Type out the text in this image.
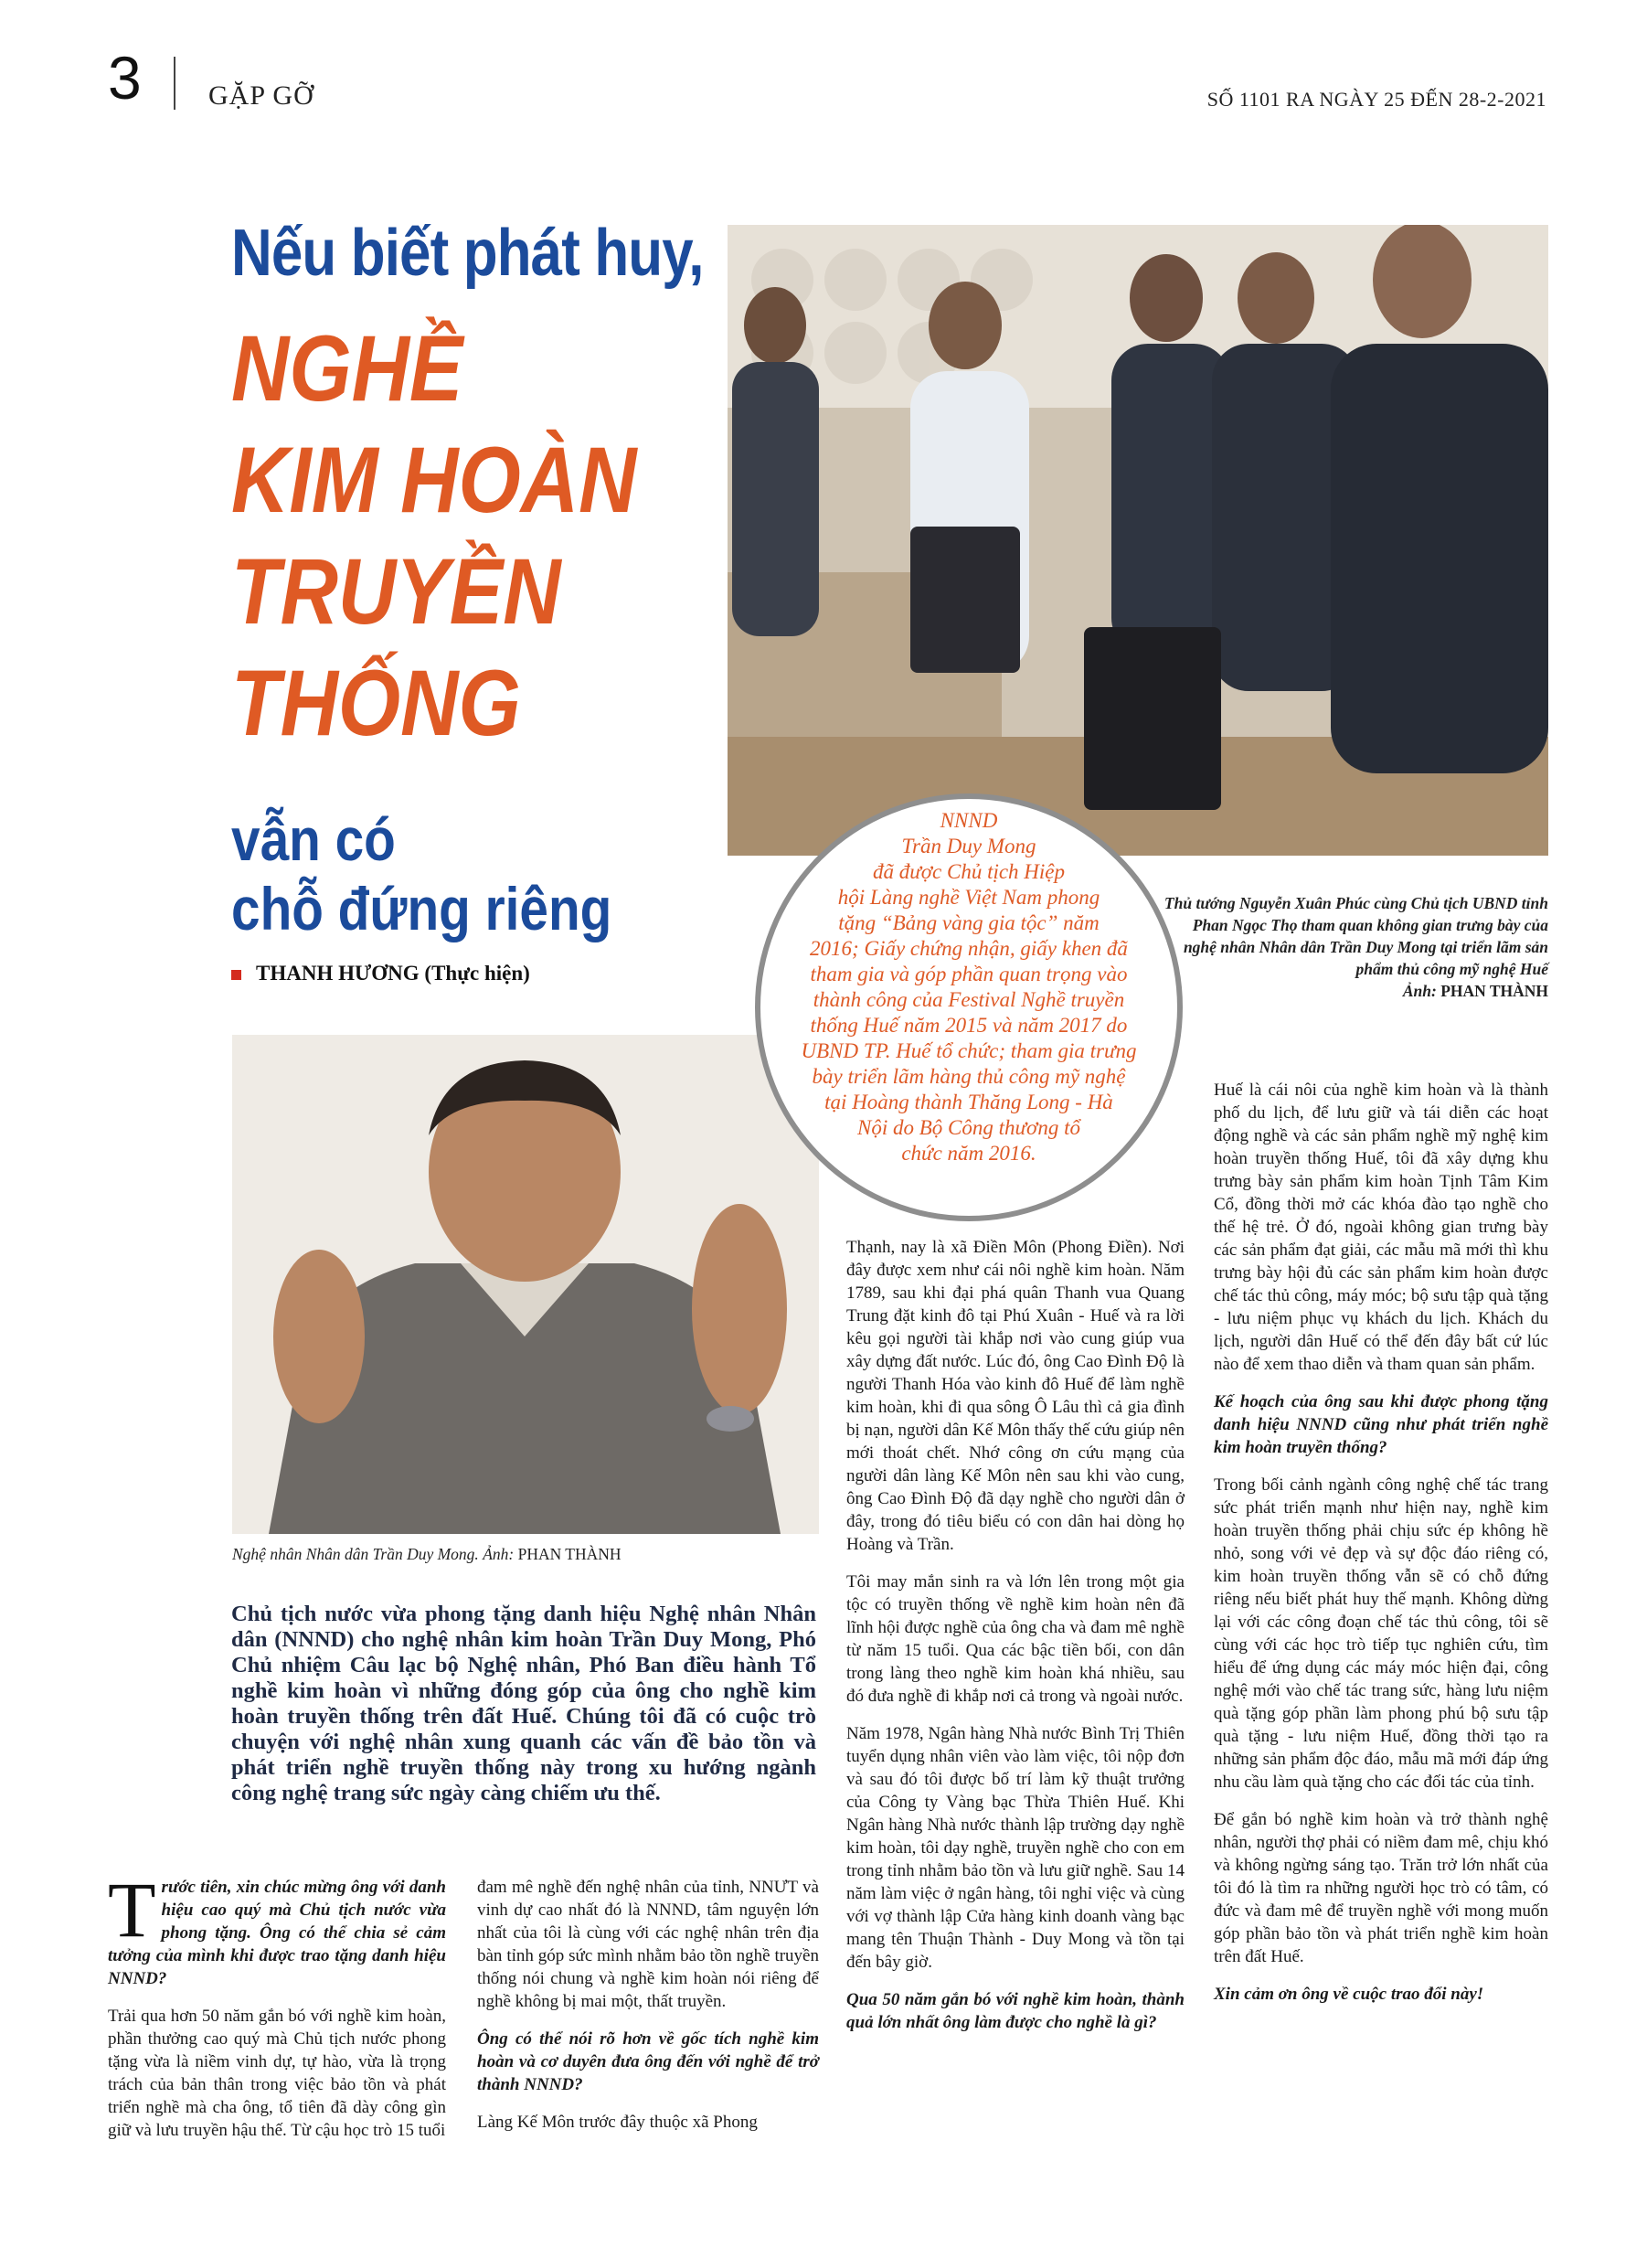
3 GẶP GỠ	SỐ 1101 RA NGÀY 25 ĐẾN 28-2-2021
Nếu biết phát huy,
NGHỀ
KIM HOÀN
TRUYỀN
THỐNG
vẫn có
chỗ đứng riêng
THANH HƯƠNG (Thực hiện)
Thủ tướng Nguyễn Xuân Phúc cùng Chủ tịch UBND tỉnh Phan Ngọc Thọ tham quan không gian trưng bày của nghệ nhân Nhân dân Trần Duy Mong tại triển lãm sản phẩm thủ công mỹ nghệ Huế
Ảnh: PHAN THÀNH
Nghệ nhân Nhân dân Trần Duy Mong. Ảnh: PHAN THÀNH
NNND
Trần Duy Mong
đã được Chủ tịch Hiệp
hội Làng nghề Việt Nam phong
tặng “Bảng vàng gia tộc” năm
2016; Giấy chứng nhận, giấy khen đã
tham gia và góp phần quan trọng vào
thành công của Festival Nghề truyền
thống Huế năm 2015 và năm 2017 do
UBND TP. Huế tổ chức; tham gia trưng
bày triển lãm hàng thủ công mỹ nghệ
tại Hoàng thành Thăng Long - Hà
Nội do Bộ Công thương tổ
chức năm 2016.
Chủ tịch nước vừa phong tặng danh hiệu Nghệ nhân Nhân dân (NNND) cho nghệ nhân kim hoàn Trần Duy Mong, Phó Chủ nhiệm Câu lạc bộ Nghệ nhân, Phó Ban điều hành Tổ nghề kim hoàn vì những đóng góp của ông cho nghề kim hoàn truyền thống trên đất Huế. Chúng tôi đã có cuộc trò chuyện với nghệ nhân xung quanh các vấn đề bảo tồn và phát triển nghề truyền thống này trong xu hướng ngành công nghệ trang sức ngày càng chiếm ưu thế.

Trước tiên, xin chúc mừng ông với danh hiệu cao quý mà Chủ tịch nước vừa phong tặng. Ông có thể chia sẻ cảm tưởng của mình khi được trao tặng danh hiệu NNND?

Trải qua hơn 50 năm gắn bó với nghề kim hoàn, phần thưởng cao quý mà Chủ tịch nước phong tặng vừa là niềm vinh dự, tự hào, vừa là trọng trách của bản thân trong việc bảo tồn và phát triển nghề mà cha ông, tổ tiên đã dày công gìn giữ và lưu truyền hậu thế. Từ cậu học trò 15 tuổi

đam mê nghề đến nghệ nhân của tỉnh, NNƯT và vinh dự cao nhất đó là NNND, tâm nguyện lớn nhất của tôi là cùng với các nghệ nhân trên địa bàn tỉnh góp sức mình nhằm bảo tồn nghề truyền thống nói chung và nghề kim hoàn nói riêng để nghề không bị mai một, thất truyền.

Ông có thể nói rõ hơn về gốc tích nghề kim hoàn và cơ duyên đưa ông đến với nghề để trở thành NNND?

Làng Kế Môn trước đây thuộc xã Phong

Thạnh, nay là xã Điền Môn (Phong Điền). Nơi đây được xem như cái nôi nghề kim hoàn. Năm 1789, sau khi đại phá quân Thanh vua Quang Trung đặt kinh đô tại Phú Xuân - Huế và ra lời kêu gọi người tài khắp nơi vào cung giúp vua xây dựng đất nước. Lúc đó, ông Cao Đình Độ là người Thanh Hóa vào kinh đô Huế để làm nghề kim hoàn, khi đi qua sông Ô Lâu thì cả gia đình bị nạn, người dân Kế Môn thấy thế cứu giúp nên mới thoát chết. Nhớ công ơn cứu mạng của người dân làng Kế Môn nên sau khi vào cung, ông Cao Đình Độ đã dạy nghề cho người dân ở đây, trong đó tiêu biểu có con dân hai dòng họ Hoàng và Trần.

Tôi may mắn sinh ra và lớn lên trong một gia tộc có truyền thống về nghề kim hoàn nên đã lĩnh hội được nghề của ông cha và đam mê nghề từ năm 15 tuổi. Qua các bậc tiền bối, con dân trong làng theo nghề kim hoàn khá nhiều, sau đó đưa nghề đi khắp nơi cả trong và ngoài nước.

Năm 1978, Ngân hàng Nhà nước Bình Trị Thiên tuyển dụng nhân viên vào làm việc, tôi nộp đơn và sau đó tôi được bố trí làm kỹ thuật trưởng của Công ty Vàng bạc Thừa Thiên Huế. Khi Ngân hàng Nhà nước thành lập trường dạy nghề kim hoàn, tôi dạy nghề, truyền nghề cho con em trong tỉnh nhằm bảo tồn và lưu giữ nghề. Sau 14 năm làm việc ở ngân hàng, tôi nghỉ việc và cùng với vợ thành lập Cửa hàng kinh doanh vàng bạc mang tên Thuận Thành - Duy Mong và tồn tại đến bây giờ.

Qua 50 năm gắn bó với nghề kim hoàn, thành quả lớn nhất ông làm được cho nghề là gì?

Huế là cái nôi của nghề kim hoàn và là thành phố du lịch, để lưu giữ và tái diễn các hoạt động nghề và các sản phẩm nghề mỹ nghệ kim hoàn truyền thống Huế, tôi đã xây dựng khu trưng bày sản phẩm kim hoàn Tịnh Tâm Kim Cổ, đồng thời mở các khóa đào tạo nghề cho thế hệ trẻ. Ở đó, ngoài không gian trưng bày các sản phẩm đạt giải, các mẫu mã mới thì khu trưng bày hội đủ các sản phẩm kim hoàn được chế tác thủ công, máy móc; bộ sưu tập quà tặng - lưu niệm phục vụ khách du lịch. Khách du lịch, người dân Huế có thể đến đây bất cứ lúc nào để xem thao diễn và tham quan sản phẩm.

Kế hoạch của ông sau khi được phong tặng danh hiệu NNND cũng như phát triển nghề kim hoàn truyền thống?

Trong bối cảnh ngành công nghệ chế tác trang sức phát triển mạnh như hiện nay, nghề kim hoàn truyền thống phải chịu sức ép không hề nhỏ, song với vẻ đẹp và sự độc đáo riêng có, kim hoàn truyền thống vẫn sẽ có chỗ đứng riêng nếu biết phát huy thế mạnh. Không dừng lại với các công đoạn chế tác thủ công, tôi sẽ cùng với các học trò tiếp tục nghiên cứu, tìm hiểu để ứng dụng các máy móc hiện đại, công nghệ mới vào chế tác trang sức, hàng lưu niệm quà tặng góp phần làm phong phú bộ sưu tập quà tặng - lưu niệm Huế, đồng thời tạo ra những sản phẩm độc đáo, mẫu mã mới đáp ứng nhu cầu làm quà tặng cho các đối tác của tỉnh.

Để gắn bó nghề kim hoàn và trở thành nghệ nhân, người thợ phải có niềm đam mê, chịu khó và không ngừng sáng tạo. Trăn trở lớn nhất của tôi đó là tìm ra những người học trò có tâm, có đức và đam mê để truyền nghề với mong muốn góp phần bảo tồn và phát triển nghề kim hoàn trên đất Huế.

Xin cảm ơn ông về cuộc trao đổi này!
